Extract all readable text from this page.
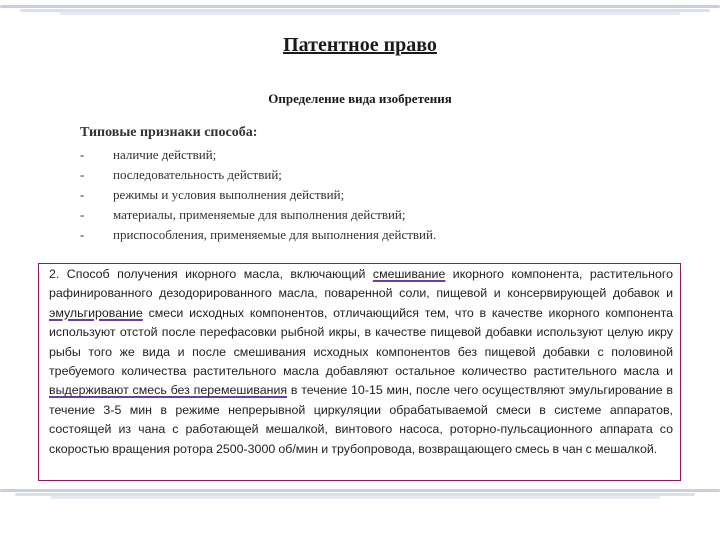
Патентное право
Определение вида изобретения
Типовые признаки способа:
- наличие действий;
- последовательность действий;
- режимы и условия выполнения действий;
- материалы, применяемые для выполнения действий;
- приспособления, применяемые для выполнения действий.
2. Способ получения икорного масла, включающий смешивание икорного компонента, растительного рафинированного дезодорированного масла, поваренной соли, пищевой и консервирующей добавок и эмульгирование смеси исходных компонентов, отличающийся тем, что в качестве икорного компонента используют отстой после перефасовки рыбной икры, в качестве пищевой добавки используют целую икру рыбы того же вида и после смешивания исходных компонентов без пищевой добавки с половиной требуемого количества растительного масла добавляют остальное количество растительного масла и выдерживают смесь без перемешивания в течение 10-15 мин, после чего осуществляют эмульгирование в течение 3-5 мин в режиме непрерывной циркуляции обрабатываемой смеси в системе аппаратов, состоящей из чана с работающей мешалкой, винтового насоса, роторно-пульсационного аппарата со скоростью вращения ротора 2500-3000 об/мин и трубопровода, возвращающего смесь в чан с мешалкой.
